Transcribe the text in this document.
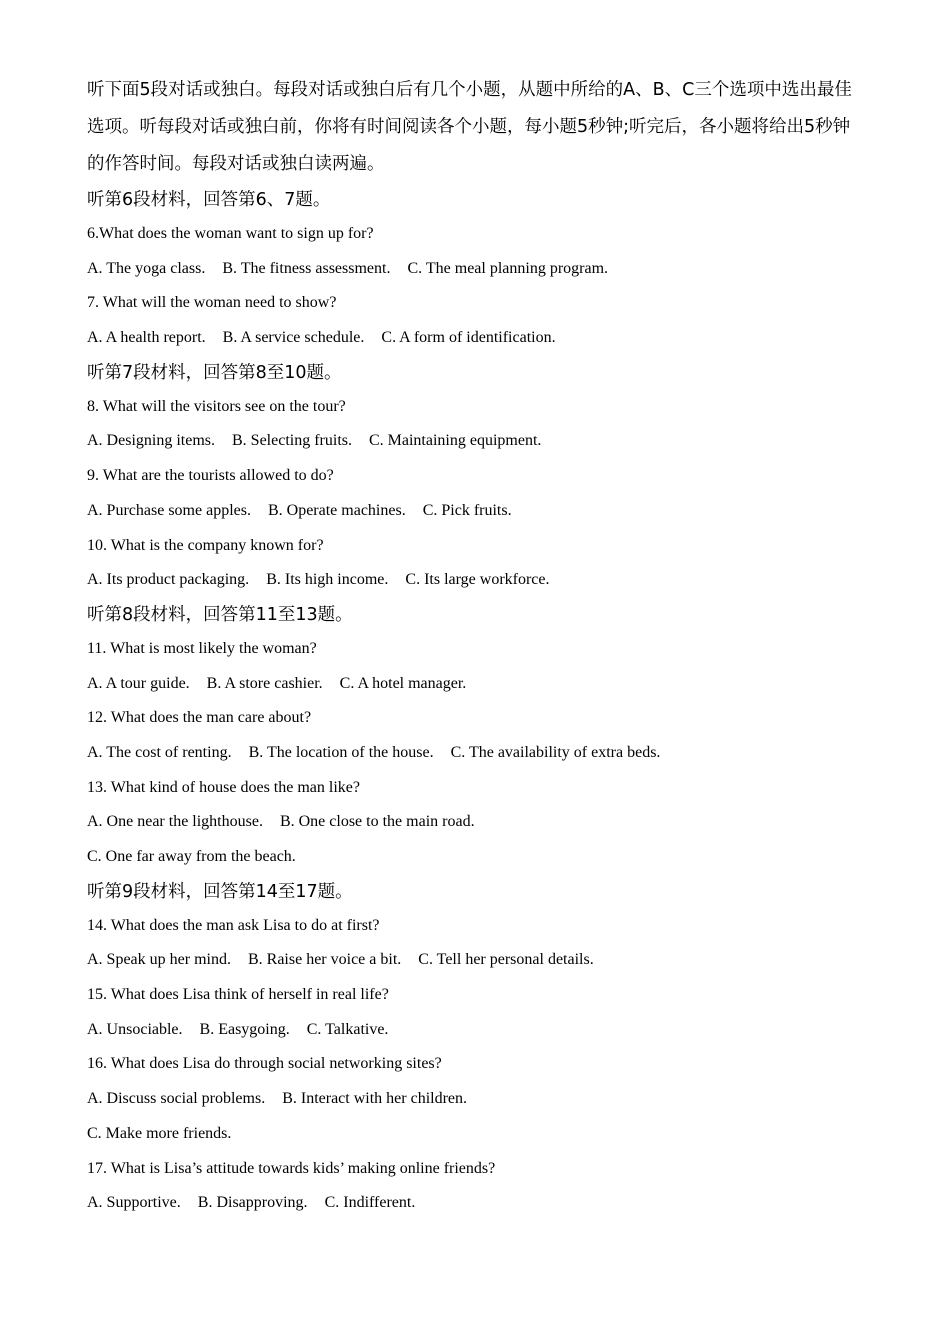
听下面5段对话或独白。每段对话或独白后有几个小题，从题中所给的A、B、C三个选项中选出最佳选项。听每段对话或独白前，你将有时间阅读各个小题，每小题5秒钟;听完后，各小题将给出5秒钟的作答时间。每段对话或独白读两遍。

听第6段材料，回答第6、7题。

6.What does the woman want to sign up for?

A. The yoga class. B. The fitness assessment. C. The meal planning program.

7. What will the woman need to show?

A. A health report. B. A service schedule. C. A form of identification.

听第7段材料，回答第8至10题。

8. What will the visitors see on the tour?

A. Designing items. B. Selecting fruits. C. Maintaining equipment.

9. What are the tourists allowed to do?

A. Purchase some apples. B. Operate machines. C. Pick fruits.

10. What is the company known for?

A. Its product packaging. B. Its high income. C. Its large workforce.

听第8段材料，回答第11至13题。

11. What is most likely the woman?

A. A tour guide. B. A store cashier. C. A hotel manager.

12. What does the man care about?

A. The cost of renting. B. The location of the house. C. The availability of extra beds.

13. What kind of house does the man like?

A. One near the lighthouse. B. One close to the main road.

C. One far away from the beach.

听第9段材料，回答第14至17题。

14. What does the man ask Lisa to do at first?

A. Speak up her mind. B. Raise her voice a bit. C. Tell her personal details.

15. What does Lisa think of herself in real life?

A. Unsociable. B. Easygoing. C. Talkative.

16. What does Lisa do through social networking sites?

A. Discuss social problems. B. Interact with her children.

C. Make more friends.

17. What is Lisa’s attitude towards kids’ making online friends?

A. Supportive. B. Disapproving. C. Indifferent.
